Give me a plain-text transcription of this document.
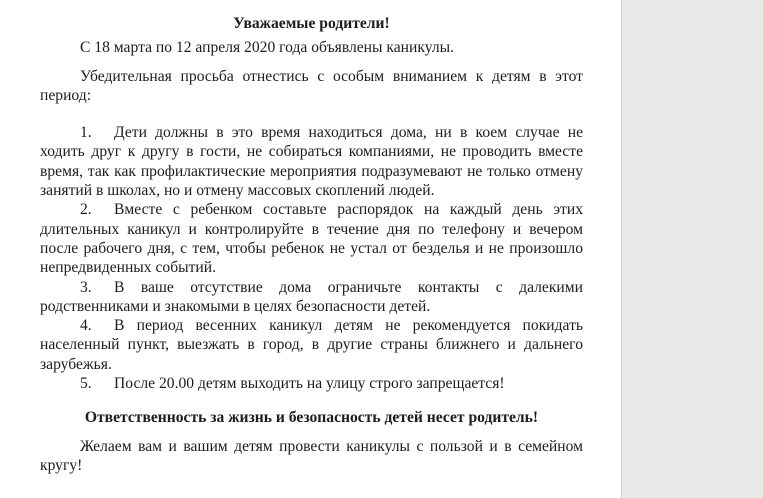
Уважаемые родители!

С 18 марта по 12 апреля 2020 года объявлены каникулы.

Убедительная просьба отнестись с особым вниманием к детям в этот период:

1. Дети должны в это время находиться дома, ни в коем случае не ходить друг к другу в гости, не собираться компаниями, не проводить вместе время, так как профилактические мероприятия подразумевают не только отмену занятий в школах, но и отмену массовых скоплений людей.

2. Вместе с ребенком составьте распорядок на каждый день этих длительных каникул и контролируйте в течение дня по телефону и вечером после рабочего дня, с тем, чтобы ребенок не устал от безделья и не произошло непредвиденных событий.

3. В ваше отсутствие дома ограничьте контакты с далекими родственниками и знакомыми в целях безопасности детей.

4. В период весенних каникул детям не рекомендуется покидать населенный пункт, выезжать в город, в другие страны ближнего и дальнего зарубежья.

5. После 20.00 детям выходить на улицу строго запрещается!

Ответственность за жизнь и безопасность детей несет родитель!

Желаем вам и вашим детям провести каникулы с пользой и в семейном кругу!
